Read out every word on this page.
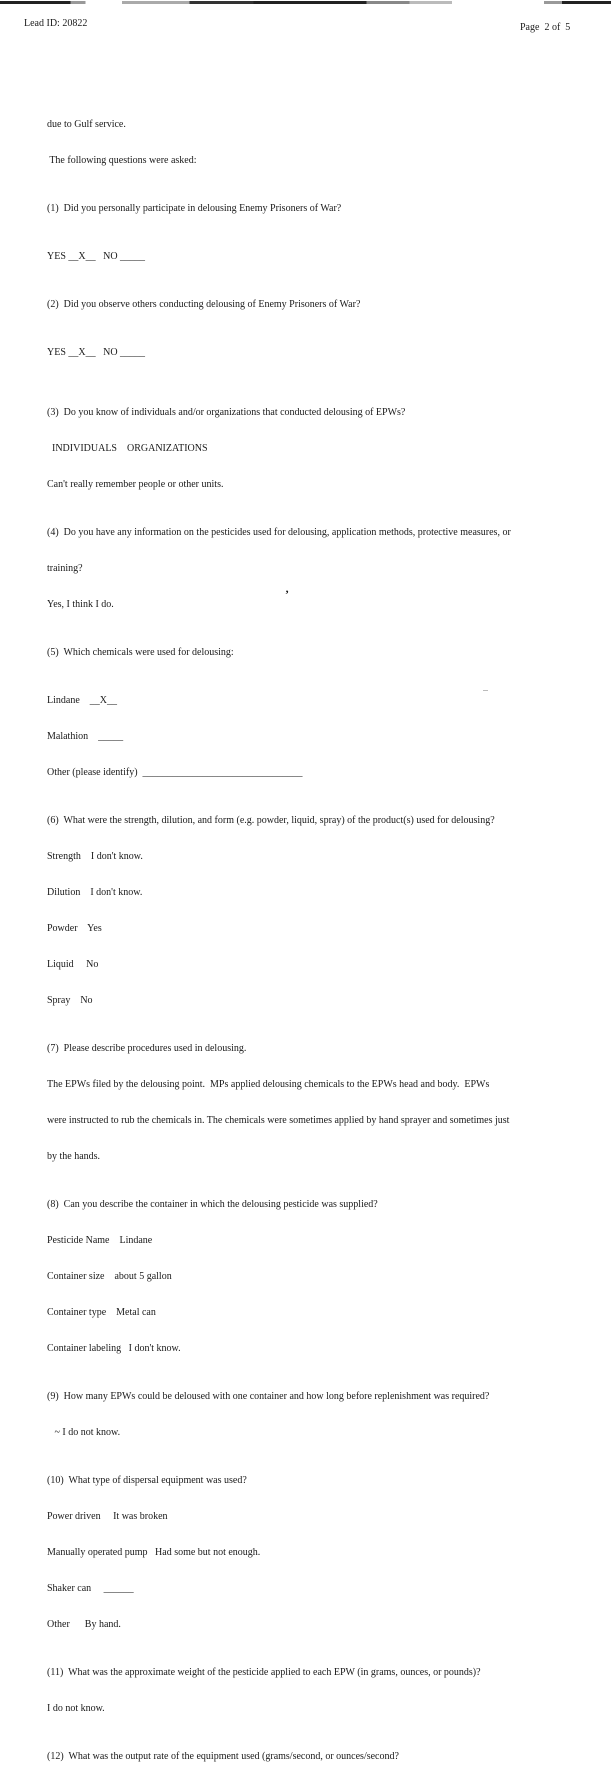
Lead ID: 20822	Page  2 of  5

due to Gulf service.

The following questions were asked:

(1)  Did you personally participate in delousing Enemy Prisoners of War?

YES __X__   NO _____

(2)  Did you observe others conducting delousing of Enemy Prisoners of War?

YES __X__   NO _____

(3)  Do you know of individuals and/or organizations that conducted delousing of EPWs?

INDIVIDUALS    ORGANIZATIONS

Can't really remember people or other units.

(4)  Do you have any information on the pesticides used for delousing, application methods, protective measures, or

training?

Yes, I think I do.

(5)  Which chemicals were used for delousing:

Lindane    __X__

Malathion    _____

Other (please identify)  ________________________________

(6)  What were the strength, dilution, and form (e.g. powder, liquid, spray) of the product(s) used for delousing?

Strength    I don't know.

Dilution    I don't know.

Powder    Yes

Liquid     No

Spray    No

(7)  Please describe procedures used in delousing.

The EPWs filed by the delousing point.  MPs applied delousing chemicals to the EPWs head and body.  EPWs

were instructed to rub the chemicals in. The chemicals were sometimes applied by hand sprayer and sometimes just

by the hands.

(8)  Can you describe the container in which the delousing pesticide was supplied?

Pesticide Name    Lindane

Container size    about 5 gallon

Container type    Metal can

Container labeling   I don't know.

(9)  How many EPWs could be deloused with one container and how long before replenishment was required?

~ I do not know.

(10)  What type of dispersal equipment was used?

Power driven     It was broken

Manually operated pump   Had some but not enough.

Shaker can     ______

Other      By hand.

(11)  What was the approximate weight of the pesticide applied to each EPW (in grams, ounces, or pounds)?

I do not know.

(12)  What was the output rate of the equipment used (grams/second, or ounces/second?

’
